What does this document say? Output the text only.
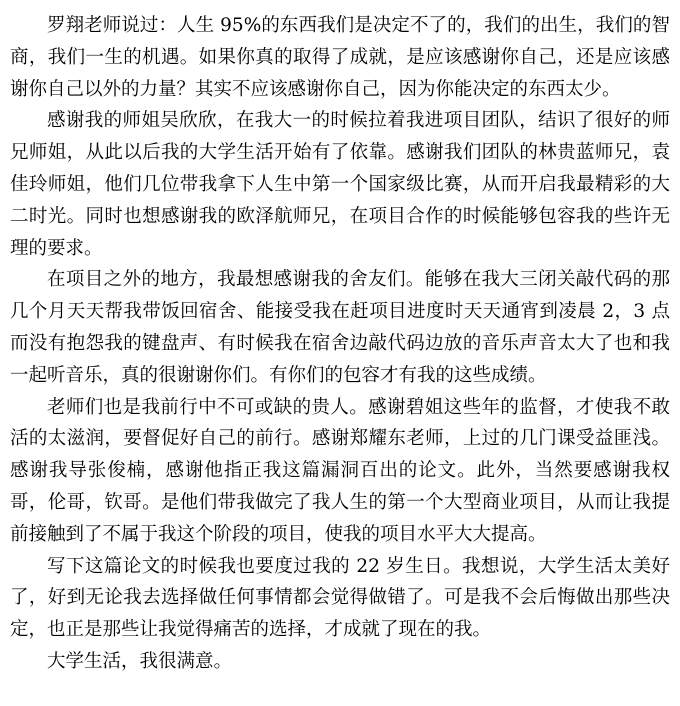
罗翔老师说过：人生 95%的东西我们是决定不了的，我们的出生，我们的智商，我们一生的机遇。如果你真的取得了成就，是应该感谢你自己，还是应该感谢你自己以外的力量？其实不应该感谢你自己，因为你能决定的东西太少。

感谢我的师姐吴欣欣，在我大一的时候拉着我进项目团队，结识了很好的师兄师姐，从此以后我的大学生活开始有了依靠。感谢我们团队的林贵蓝师兄，袁佳玲师姐，他们几位带我拿下人生中第一个国家级比赛，从而开启我最精彩的大二时光。同时也想感谢我的欧泽航师兄，在项目合作的时候能够包容我的些许无理的要求。

在项目之外的地方，我最想感谢我的舍友们。能够在我大三闭关敲代码的那几个月天天帮我带饭回宿舍、能接受我在赶项目进度时天天通宵到凌晨 2，3 点而没有抱怨我的键盘声、有时候我在宿舍边敲代码边放的音乐声音太大了也和我一起听音乐，真的很谢谢你们。有你们的包容才有我的这些成绩。

老师们也是我前行中不可或缺的贵人。感谢碧姐这些年的监督，才使我不敢活的太滋润，要督促好自己的前行。感谢郑耀东老师，上过的几门课受益匪浅。感谢我导张俊楠，感谢他指正我这篇漏洞百出的论文。此外，当然要感谢我权哥，伦哥，钦哥。是他们带我做完了我人生的第一个大型商业项目，从而让我提前接触到了不属于我这个阶段的项目，使我的项目水平大大提高。

写下这篇论文的时候我也要度过我的 22 岁生日。我想说，大学生活太美好了，好到无论我去选择做任何事情都会觉得做错了。可是我不会后悔做出那些决定，也正是那些让我觉得痛苦的选择，才成就了现在的我。

大学生活，我很满意。
